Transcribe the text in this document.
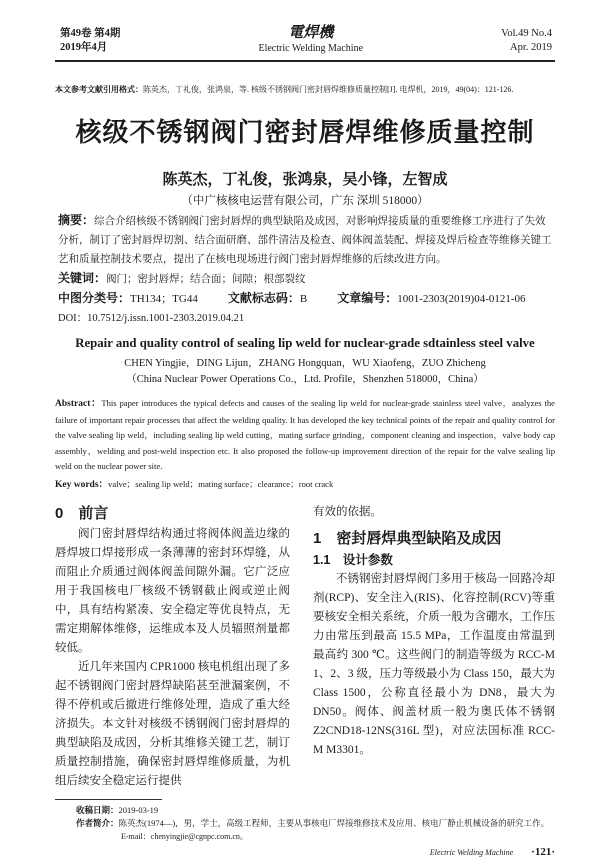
第49卷 第4期
2019年4月
電焊機
Electric Welding Machine
Vol.49 No.4
Apr. 2019
本文参考文献引用格式：陈英杰，丁礼俊，张鸿泉，等. 核级不锈钢阀门密封唇焊维修质量控制[J]. 电焊机，2019，49(04)：121-126.
核级不锈钢阀门密封唇焊维修质量控制
陈英杰，丁礼俊，张鸿泉，吴小锋，左智成
（中广核核电运营有限公司，广东 深圳 518000）
摘要：综合介绍核级不锈钢阀门密封唇焊的典型缺陷及成因，对影响焊接质量的重要维修工序进行了失效分析，制订了密封唇焊切割、结合面研磨、部件清洁及检查、阀体阀盖装配、焊接及焊后检查等维修关键工艺和质量控制技术要点，提出了在核电现场进行阀门密封唇焊维修的后续改进方向。
关键词：阀门；密封唇焊；结合面；间隙；根部裂纹
中图分类号：TH134；TG44	文献标志码：B	文章编号：1001-2303(2019)04-0121-06
DOI：10.7512/j.issn.1001-2303.2019.04.21
Repair and quality control of sealing lip weld for nuclear-grade sdtainless steel valve
CHEN Yingjie，DING Lijun，ZHANG Hongquan，WU Xiaofeng，ZUO Zhicheng
（China Nuclear Power Operations Co.，Ltd. Profile，Shenzhen 518000，China）
Abstract：This paper introduces the typical defects and causes of the sealing lip weld for nuclear-grade stainless steel valve，analyzes the failure of important repair processes that affect the welding quality. It has developed the key technical points of the repair and quality control for the valve sealing lip weld，including sealing lip weld cutting，mating surface grinding，component cleaning and inspection，valve body cap assembly，welding and post-weld inspection etc. It also proposed the follow-up improvement direction of the repair for the valve sealing lip weld on the nuclear power site.
Key words：valve；sealing lip weld；mating surface；clearance；root crack
0　前言

阀门密封唇焊结构通过将阀体阀盖边缘的唇焊坡口焊接形成一条薄薄的密封环焊缝，从而阻止介质通过阀体阀盖间隙外漏。它广泛应用于我国核电厂核级不锈钢截止阀或逆止阀中，具有结构紧凑、安全稳定等优良特点，无需定期解体维修，运维成本及人员辐照剂量都较低。

近几年来国内 CPR1000 核电机组出现了多起不锈钢阀门密封唇焊缺陷甚至泄漏案例，不得不停机或后撤进行维修处理，造成了重大经济损失。本文针对核级不锈钢阀门密封唇焊的典型缺陷及成因，分析其维修关键工艺，制订质量控制措施，确保密封唇焊维修质量，为机组后续安全稳定运行提供

有效的依据。
1　密封唇焊典型缺陷及成因
1.1　设计参数

不锈钢密封唇焊阀门多用于核岛一回路冷却剂(RCP)、安全注入(RIS)、化容控制(RCV)等重要核安全相关系统，介质一般为含硼水，工作压力由常压到最高 15.5 MPa，工作温度由常温到最高约 300 ℃。这些阀门的制造等级为 RCC-M 1、2、3 级，压力等级最小为 Class 150，最大为 Class 1500，公称直径最小为 DN8，最大为 DN50。阀体、阀盖材质一般为奥氏体不锈钢 Z2CND18-12NS(316L 型)，对应法国标准 RCC-M M3301。

收稿日期：2019-03-19
作者简介：陈英杰(1974—)，男，学士，高级工程师，主要从事核电厂焊接维修技术及应用、核电厂静止机械设备的研究工作。
E-mail：chenyingjie@cgnpc.com.cn。
Electric Welding Machine ·121·
